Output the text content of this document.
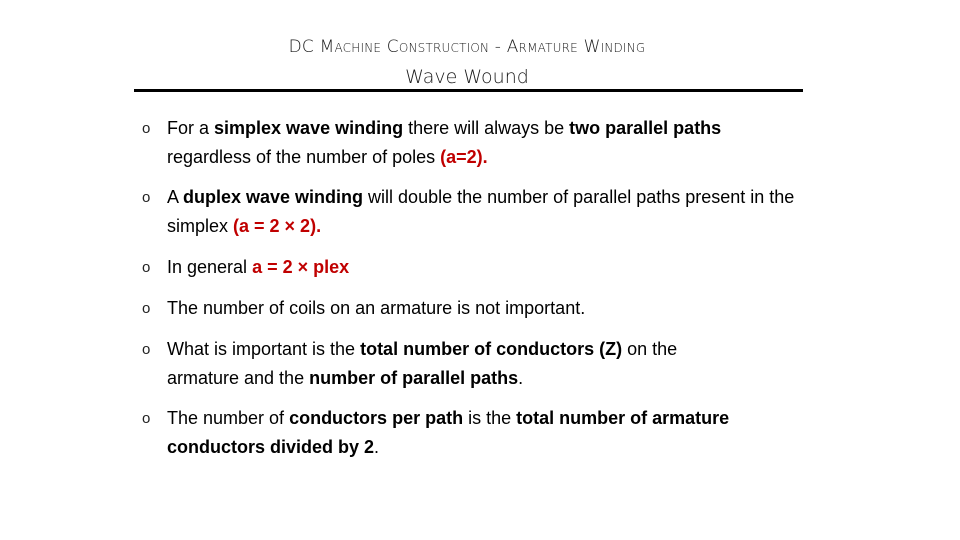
DC Machine Construction - Armature Winding
Wave Wound
o For a simplex wave winding there will always be two parallel paths regardless of the number of poles (a=2).
o A duplex wave winding will double the number of parallel paths present in the simplex (a = 2 × 2).
o In general a = 2 × plex
o The number of coils on an armature is not important.
o What is important is the total number of conductors (Z) on the armature and the number of parallel paths.
o The number of conductors per path is the total number of armature conductors divided by 2.
